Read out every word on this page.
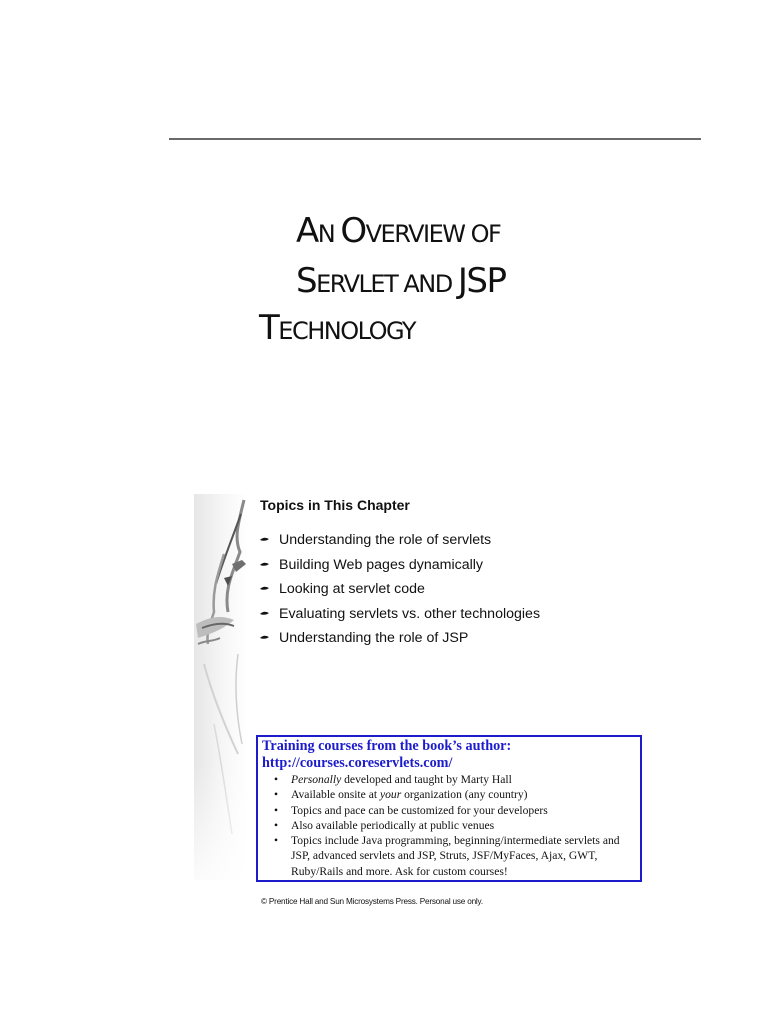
AN OVERVIEW OF
SERVLET AND JSP
TECHNOLOGY
Topics in This Chapter
Understanding the role of servlets
Building Web pages dynamically
Looking at servlet code
Evaluating servlets vs. other technologies
Understanding the role of JSP
Training courses from the book’s author:
http://courses.coreservlets.com/
• Personally developed and taught by Marty Hall
• Available onsite at your organization (any country)
• Topics and pace can be customized for your developers
• Also available periodically at public venues
• Topics include Java programming, beginning/intermediate servlets and JSP, advanced servlets and JSP, Struts, JSF/MyFaces, Ajax, GWT, Ruby/Rails and more. Ask for custom courses!
© Prentice Hall and Sun Microsystems Press. Personal use only.
